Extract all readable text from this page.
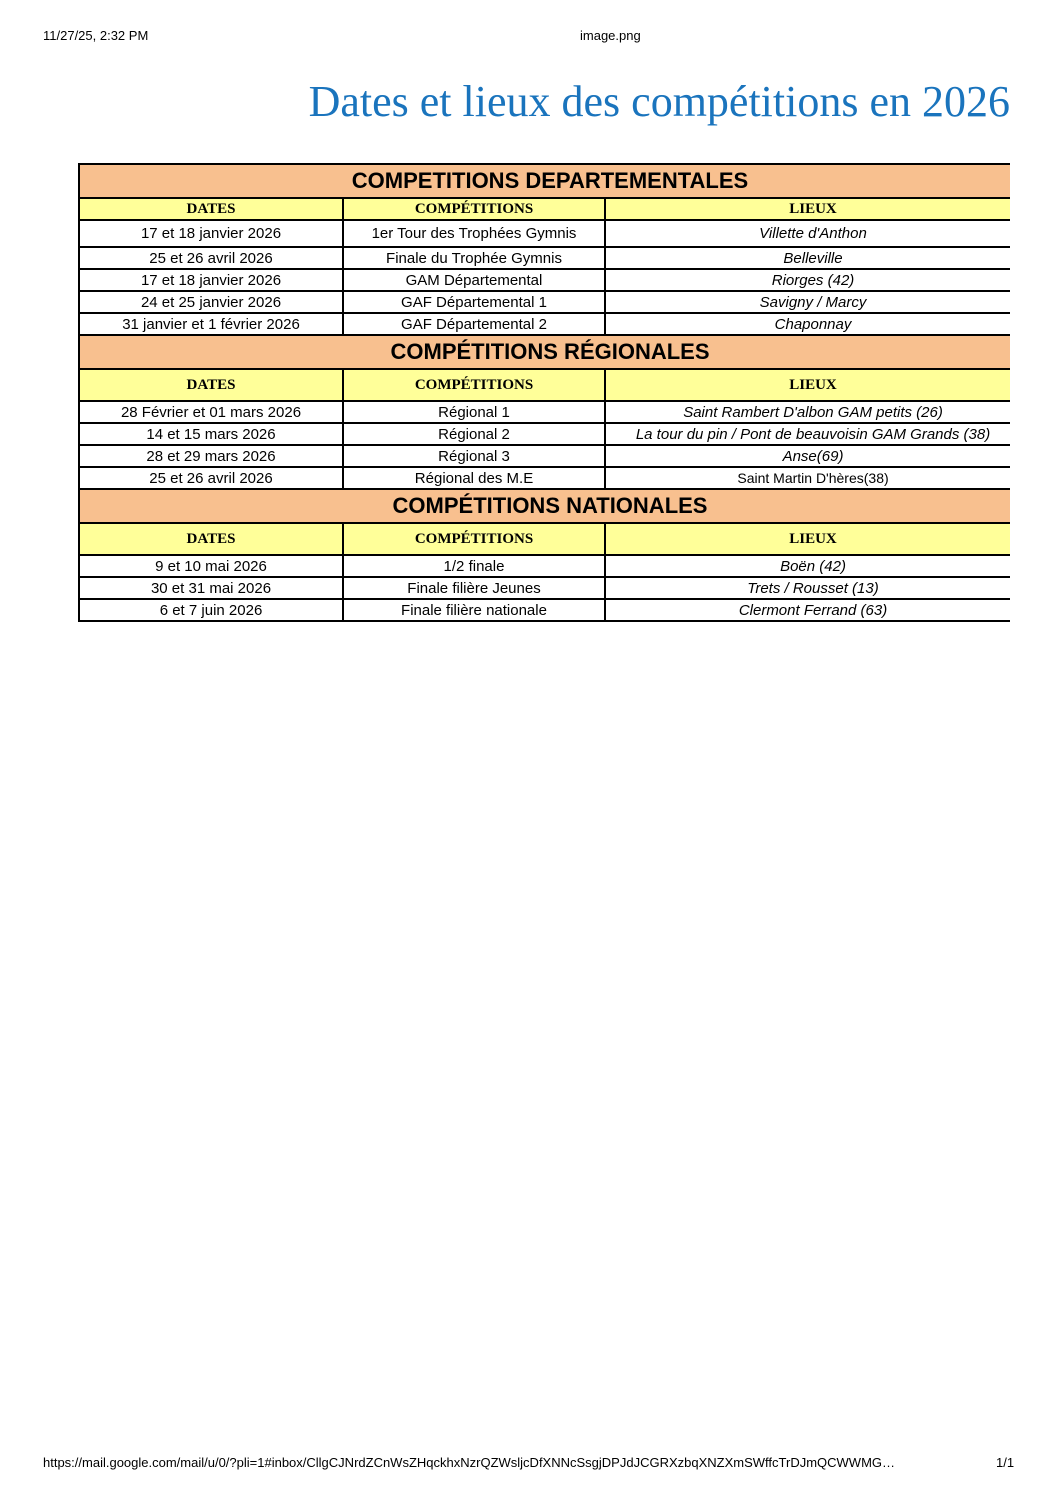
11/27/25, 2:32 PM	image.png
Dates et lieux des compétitions en 2026
COMPETITIONS DEPARTEMENTALES		
DATES	COMPÉTITIONS	LIEUX
17 et 18 janvier 2026	1er Tour des Trophées Gymnis	Villette d'Anthon
25 et 26 avril 2026	Finale du Trophée Gymnis	Belleville
17 et 18 janvier 2026	GAM Départemental	Riorges (42)
24 et 25 janvier 2026	GAF Départemental 1	Savigny / Marcy
31 janvier et 1 février 2026	GAF Départemental 2	Chaponnay
COMPÉTITIONS RÉGIONALES		
DATES	COMPÉTITIONS	LIEUX
28 Février et 01 mars 2026	Régional 1	Saint Rambert D'albon GAM petits (26)
14 et 15 mars 2026	Régional 2	La tour du pin / Pont de beauvoisin GAM Grands (38)
28 et 29 mars 2026	Régional 3	Anse(69)
25 et 26 avril 2026	Régional des M.E	Saint Martin D'hères(38)
COMPÉTITIONS NATIONALES		
DATES	COMPÉTITIONS	LIEUX
9 et 10 mai 2026	1/2 finale	Boën (42)
30 et 31 mai 2026	Finale filière Jeunes	Trets / Rousset (13)
6 et 7 juin 2026	Finale filière nationale	Clermont Ferrand (63)
https://mail.google.com/mail/u/0/?pli=1#inbox/CllgCJNrdZCnWsZHqckhxNzrQZWsljcDfXNNcSsgjDPJdJCGRXzbqXNZXmSWffcTrDJmQCWWMG…	1/1
